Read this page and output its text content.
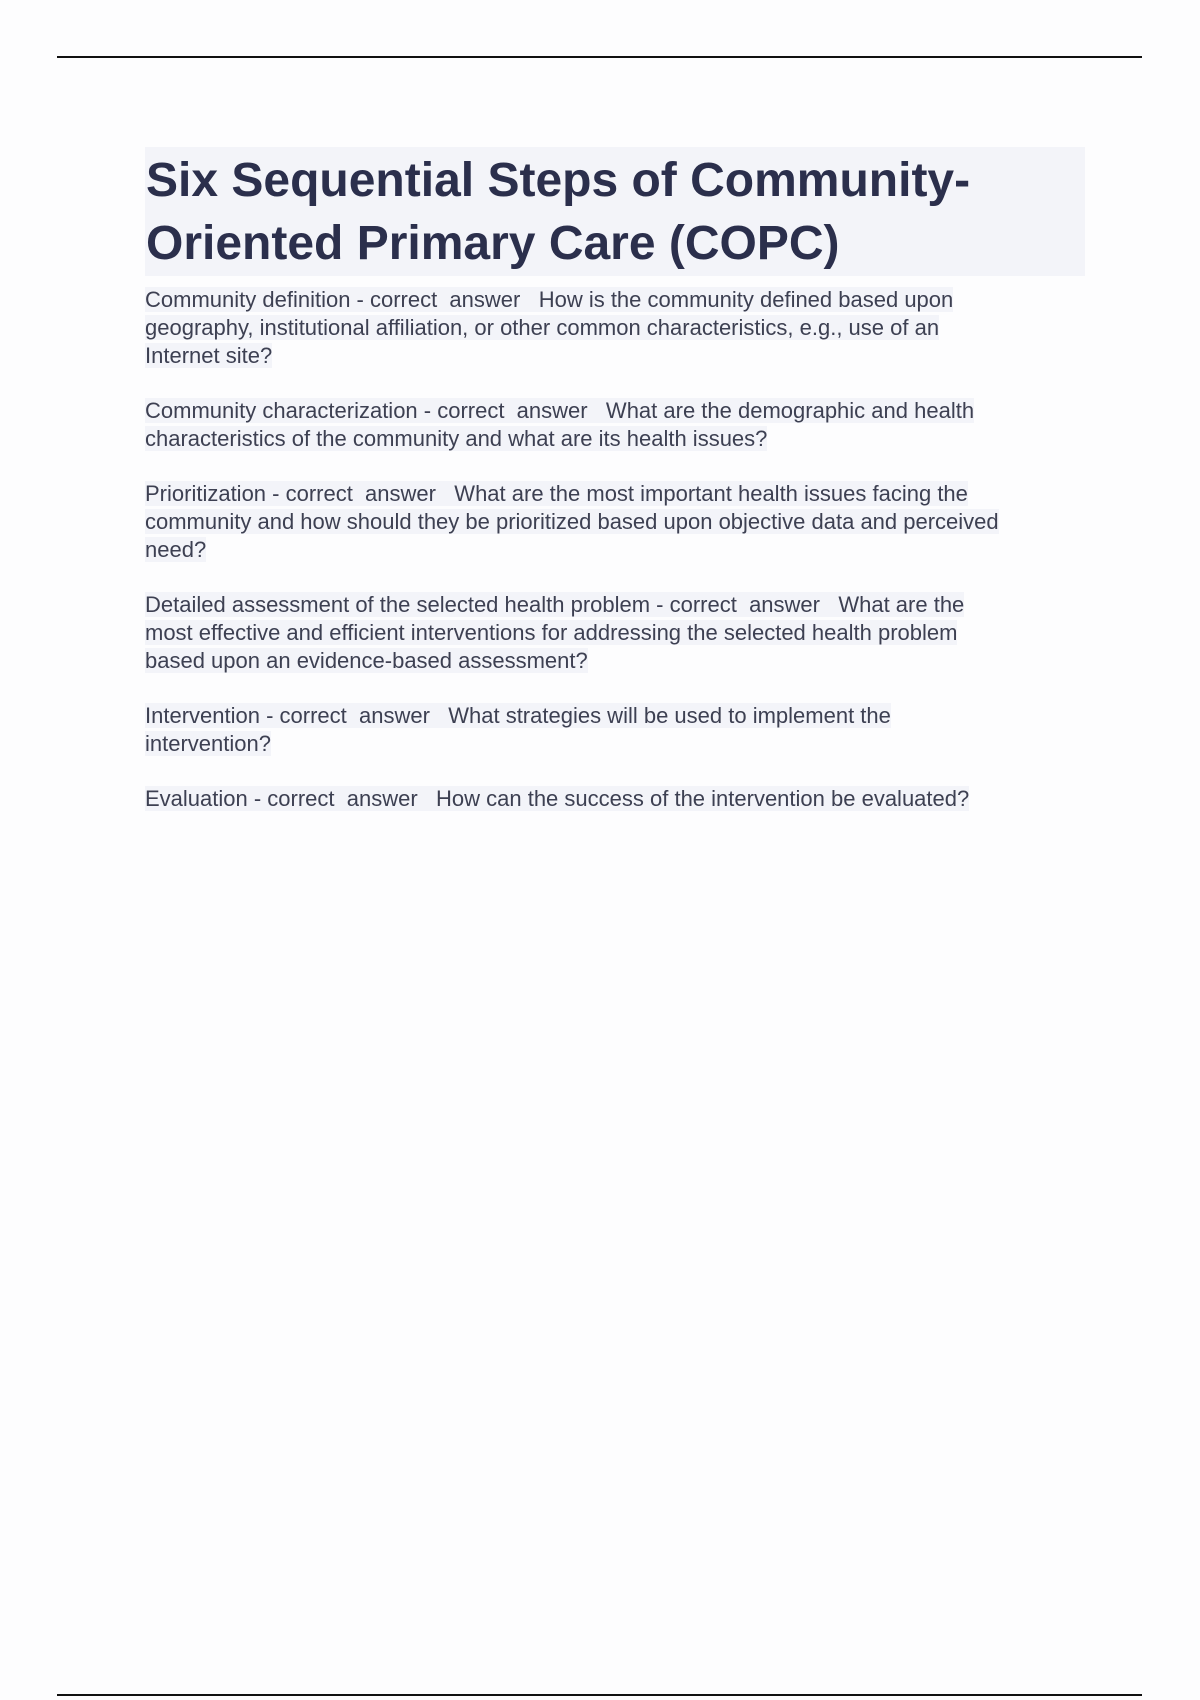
Six Sequential Steps of Community-
Oriented Primary Care (COPC)
Community definition - correct  answer   How is the community defined based upon
geography, institutional affiliation, or other common characteristics, e.g., use of an
Internet site?
Community characterization - correct  answer   What are the demographic and health
characteristics of the community and what are its health issues?
Prioritization - correct  answer   What are the most important health issues facing the
community and how should they be prioritized based upon objective data and perceived
need?
Detailed assessment of the selected health problem - correct  answer   What are the
most effective and efficient interventions for addressing the selected health problem
based upon an evidence-based assessment?
Intervention - correct  answer   What strategies will be used to implement the
intervention?
Evaluation - correct  answer   How can the success of the intervention be evaluated?
